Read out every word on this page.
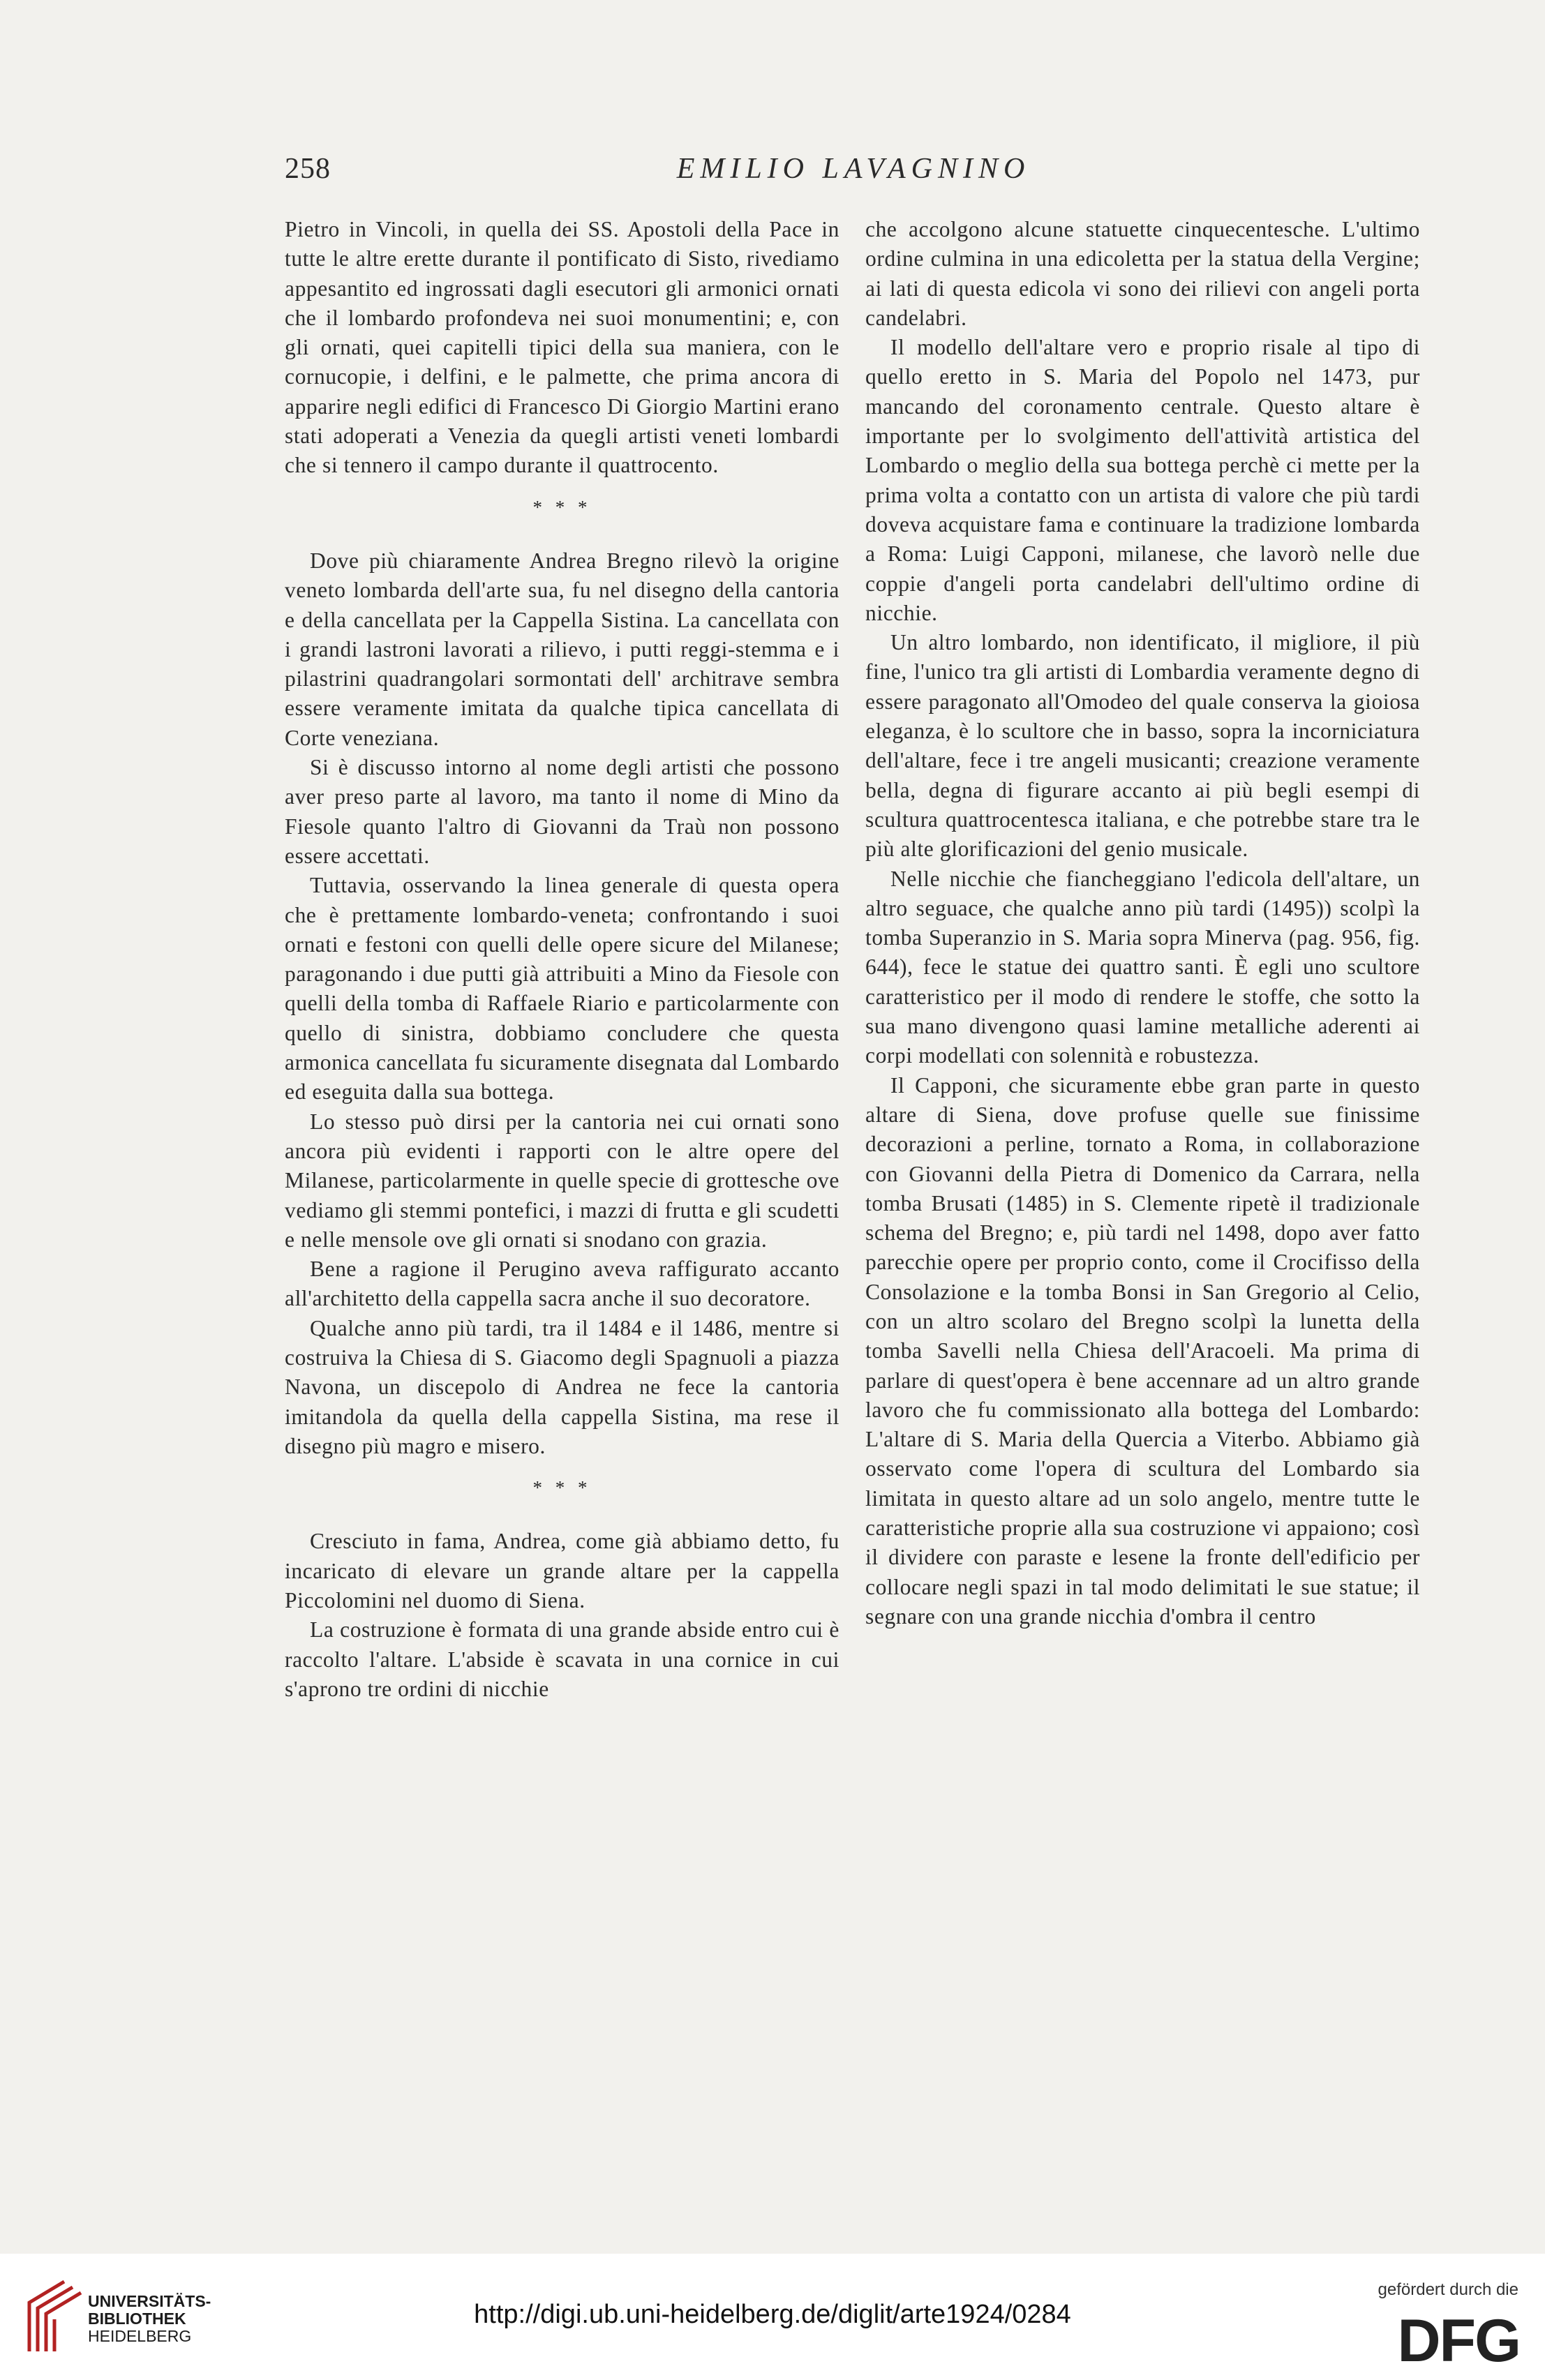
258	EMILIO LAVAGNINO

Pietro in Vincoli, in quella dei SS. Apostoli della Pace in tutte le altre erette durante il pontificato di Sisto, rivediamo appesantito ed ingrossati dagli esecutori gli armonici ornati che il lombardo profondeva nei suoi monumentini; e, con gli ornati, quei capitelli tipici della sua maniera, con le cornucopie, i delfini, e le palmette, che prima ancora di apparire negli edifici di Francesco Di Giorgio Martini erano stati adoperati a Venezia da quegli artisti veneti lombardi che si tennero il campo durante il quattrocento.

* * *

Dove più chiaramente Andrea Bregno rilevò la origine veneto lombarda dell'arte sua, fu nel disegno della cantoria e della cancellata per la Cappella Sistina. La cancellata con i grandi lastroni lavorati a rilievo, i putti reggi-stemma e i pilastrini quadrangolari sormontati dell' architrave sembra essere veramente imitata da qualche tipica cancellata di Corte veneziana.

Si è discusso intorno al nome degli artisti che possono aver preso parte al lavoro, ma tanto il nome di Mino da Fiesole quanto l'altro di Giovanni da Traù non possono essere accettati.

Tuttavia, osservando la linea generale di questa opera che è prettamente lombardo-veneta; confrontando i suoi ornati e festoni con quelli delle opere sicure del Milanese; paragonando i due putti già attribuiti a Mino da Fiesole con quelli della tomba di Raffaele Riario e particolarmente con quello di sinistra, dobbiamo concludere che questa armonica cancellata fu sicuramente disegnata dal Lombardo ed eseguita dalla sua bottega.

Lo stesso può dirsi per la cantoria nei cui ornati sono ancora più evidenti i rapporti con le altre opere del Milanese, particolarmente in quelle specie di grottesche ove vediamo gli stemmi pontefici, i mazzi di frutta e gli scudetti e nelle mensole ove gli ornati si snodano con grazia.

Bene a ragione il Perugino aveva raffigurato accanto all'architetto della cappella sacra anche il suo decoratore.

Qualche anno più tardi, tra il 1484 e il 1486, mentre si costruiva la Chiesa di S. Giacomo degli Spagnuoli a piazza Navona, un discepolo di Andrea ne fece la cantoria imitandola da quella della cappella Sistina, ma rese il disegno più magro e misero.

* * *

Cresciuto in fama, Andrea, come già abbiamo detto, fu incaricato di elevare un grande altare per la cappella Piccolomini nel duomo di Siena.

La costruzione è formata di una grande abside entro cui è raccolto l'altare. L'abside è scavata in una cornice in cui s'aprono tre ordini di nicchie

che accolgono alcune statuette cinquecentesche. L'ultimo ordine culmina in una edicoletta per la statua della Vergine; ai lati di questa edicola vi sono dei rilievi con angeli porta candelabri.

Il modello dell'altare vero e proprio risale al tipo di quello eretto in S. Maria del Popolo nel 1473, pur mancando del coronamento centrale. Questo altare è importante per lo svolgimento dell'attività artistica del Lombardo o meglio della sua bottega perchè ci mette per la prima volta a contatto con un artista di valore che più tardi doveva acquistare fama e continuare la tradizione lombarda a Roma: Luigi Capponi, milanese, che lavorò nelle due coppie d'angeli porta candelabri dell'ultimo ordine di nicchie.

Un altro lombardo, non identificato, il migliore, il più fine, l'unico tra gli artisti di Lombardia veramente degno di essere paragonato all'Omodeo del quale conserva la gioiosa eleganza, è lo scultore che in basso, sopra la incorniciatura dell'altare, fece i tre angeli musicanti; creazione veramente bella, degna di figurare accanto ai più begli esempi di scultura quattrocentesca italiana, e che potrebbe stare tra le più alte glorificazioni del genio musicale.

Nelle nicchie che fiancheggiano l'edicola dell'altare, un altro seguace, che qualche anno più tardi (1495)) scolpì la tomba Superanzio in S. Maria sopra Minerva (pag. 956, fig. 644), fece le statue dei quattro santi. È egli uno scultore caratteristico per il modo di rendere le stoffe, che sotto la sua mano divengono quasi lamine metalliche aderenti ai corpi modellati con solennità e robustezza.

Il Capponi, che sicuramente ebbe gran parte in questo altare di Siena, dove profuse quelle sue finissime decorazioni a perline, tornato a Roma, in collaborazione con Giovanni della Pietra di Domenico da Carrara, nella tomba Brusati (1485) in S. Clemente ripetè il tradizionale schema del Bregno; e, più tardi nel 1498, dopo aver fatto parecchie opere per proprio conto, come il Crocifisso della Consolazione e la tomba Bonsi in San Gregorio al Celio, con un altro scolaro del Bregno scolpì la lunetta della tomba Savelli nella Chiesa dell'Aracoeli. Ma prima di parlare di quest'opera è bene accennare ad un altro grande lavoro che fu commissionato alla bottega del Lombardo: L'altare di S. Maria della Quercia a Viterbo. Abbiamo già osservato come l'opera di scultura del Lombardo sia limitata in questo altare ad un solo angelo, mentre tutte le caratteristiche proprie alla sua costruzione vi appaiono; così il dividere con paraste e lesene la fronte dell'edificio per collocare negli spazi in tal modo delimitati le sue statue; il segnare con una grande nicchia d'ombra il centro

UNIVERSITÄTS-
BIBLIOTHEK
HEIDELBERG
http://digi.ub.uni-heidelberg.de/diglit/arte1924/0284
gefördert durch die
DFG
